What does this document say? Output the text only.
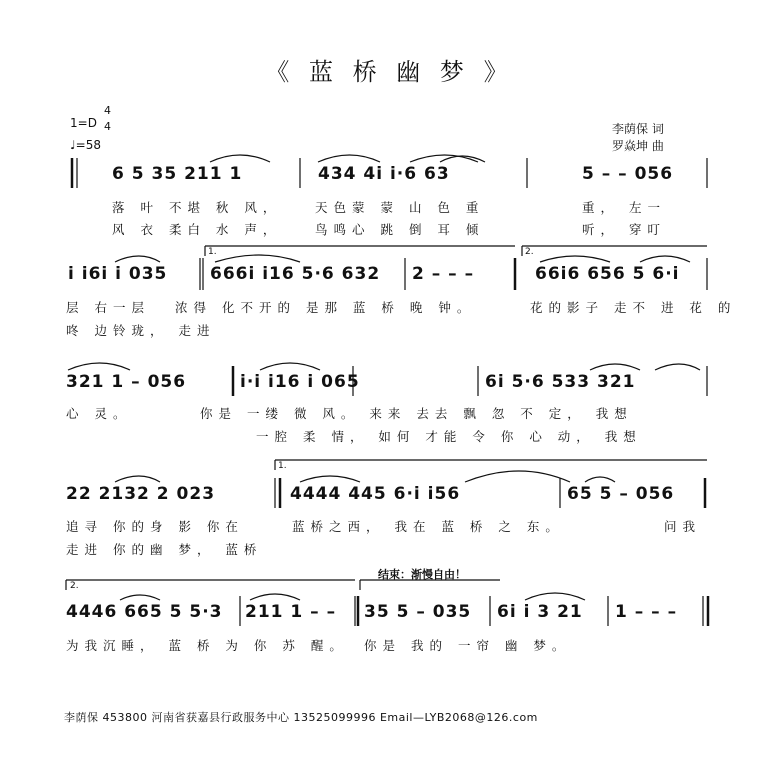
《 蓝 桥 幽 梦 》
1=D
4
4
♩=58
李荫保 词
罗焱坤 曲
6 5 35 211 1	434 4i i·6 63	5 – – 056
落 叶 不堪 秋 风，	天色蒙 蒙 山 色 重	重， 左一
风 衣 柔白 水 声，	鸟鸣心 跳 倒 耳 倾	听， 穿叮
1.	2.
i i6i i 035	666i i16 5·6 632 2 – – –	66i6 656 5 6·i
层 右一层 浓得 化不开的 是那 蓝 桥 晚 钟。	花的影子 走不 进 花 的
咚 边铃珑， 走进
321 1 – 056	i·i i16 i 065	6i 5·6 533 321
心 灵。	你是 一缕 微 风。 来来 去去 飘 忽 不 定， 我想
一腔 柔 情， 如何 才能 令 你 心 动， 我想
1.
22 2132 2 023	4444 445 6·i i56	65 5 – 056
追寻 你的身 影 你在	蓝桥之西， 我在 蓝 桥 之 东。	问我
走进 你的幽 梦， 蓝桥
结束：渐慢自由！
2.
4446 665 5 5·3 211 1 – – 35 5 – 035 6i i 3 21 1 – – –
为我沉睡， 蓝 桥 为 你 苏 醒。 你是 我的 一帘 幽 梦。
李荫保 453800 河南省获嘉县行政服务中心 13525099996 Email—LYB2068@126.com
